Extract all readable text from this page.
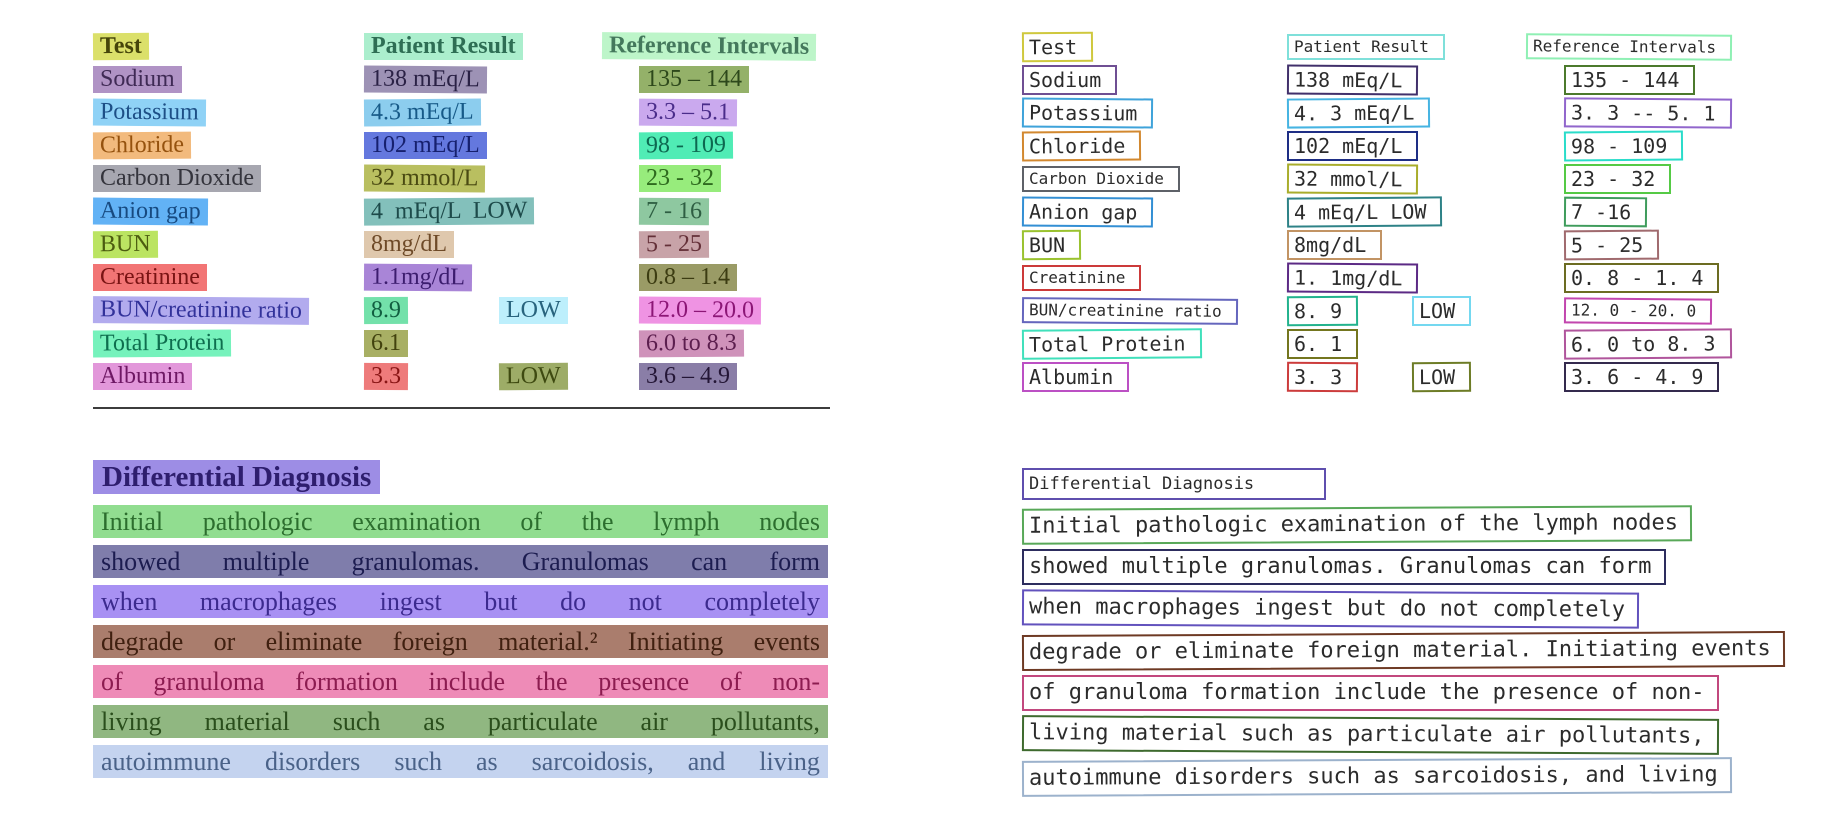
Test	Patient Result	Reference Intervals
Sodium	138 mEq/L	135 – 144
Potassium	4.3 mEq/L	3.3 – 5.1
Chloride	102 mEq/L	98 - 109
Carbon Dioxide	32 mmol/L	23 - 32
Anion gap	4  mEq/L  LOW	7 - 16
BUN	8mg/dL	5 - 25
Creatinine	1.1mg/dL	0.8 – 1.4
BUN/creatinine ratio	8.9	LOW	12.0 – 20.0
Total Protein	6.1	6.0 to 8.3
Albumin	3.3	LOW	3.6 – 4.9
Differential Diagnosis
Initial pathologic examination of the lymph nodes
showed multiple granulomas. Granulomas can form
when macrophages ingest but do not completely
degrade or eliminate foreign material.² Initiating events
of granuloma formation include the presence of non-
living material such as particulate air pollutants,
autoimmune disorders such as sarcoidosis, and living
Test	Patient Result	Reference Intervals
Sodium	138 mEq/L	135 - 144
Potassium	4. 3 mEq/L	3. 3 -- 5. 1
Chloride	102 mEq/L	98 - 109
Carbon Dioxide	32 mmol/L	23 - 32
Anion gap	4 mEq/L LOW	7 -16
BUN	8mg/dL	5 - 25
Creatinine	1. 1mg/dL	0. 8 - 1. 4
BUN/creatinine ratio	8. 9	LOW	12. 0 - 20. 0
Total Protein	6. 1	6. 0 to 8. 3
Albumin	3. 3	LOW	3. 6 - 4. 9
Differential Diagnosis
Initial pathologic examination of the lymph nodes
showed multiple granulomas. Granulomas can form
when macrophages ingest but do not completely
degrade or eliminate foreign material. Initiating events
of granuloma formation include the presence of non-
living material such as particulate air pollutants,
autoimmune disorders such as sarcoidosis, and living
